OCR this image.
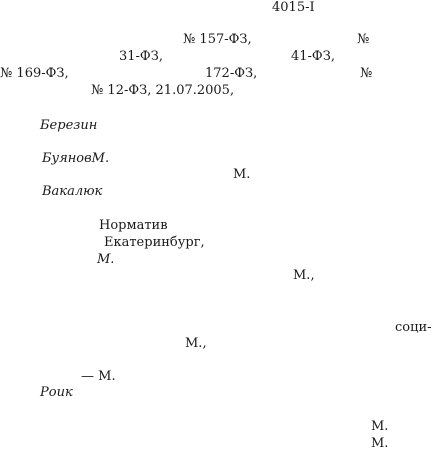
4015-I

№ 157-ФЗ,	№

31-ФЗ,	41-ФЗ,

№ 169-ФЗ,	172-ФЗ,	№

№ 12-ФЗ, 21.07.2005,

Березин

БуяновМ.

М.

Вакалюк

Норматив

Екатеринбург,

М.

М.,

соци-

М.,

— М.

Роик

М.

М.
